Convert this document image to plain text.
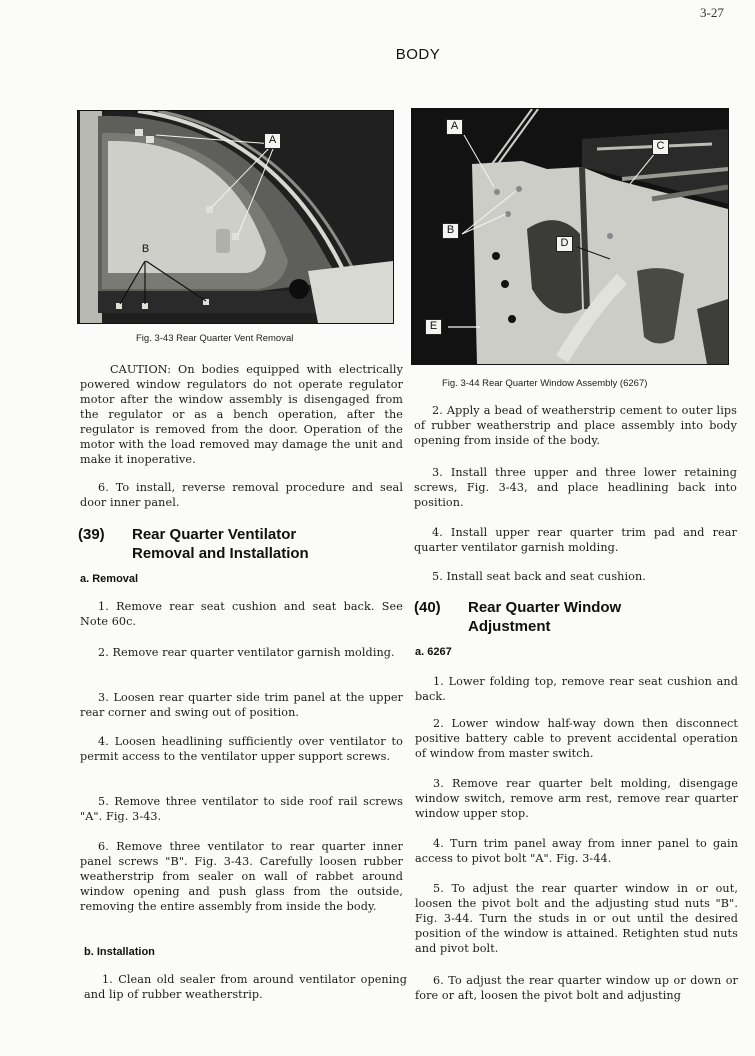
3-27
BODY
A
B
Fig. 3-43 Rear Quarter Vent Removal
A
B
C
D
E
Fig. 3-44 Rear Quarter Window Assembly (6267)

CAUTION: On bodies equipped with electrically powered window regulators do not operate regulator motor after the window assembly is disengaged from the regulator or as a bench operation, after the regulator is removed from the door. Operation of the motor with the load removed may damage the unit and make it inoperative.

6. To install, reverse removal procedure and seal door inner panel.

(39) Rear Quarter Ventilator
Removal and Installation
a. Removal

1. Remove rear seat cushion and seat back. See Note 60c.

2. Remove rear quarter ventilator garnish molding.

3. Loosen rear quarter side trim panel at the upper rear corner and swing out of position.

4. Loosen headlining sufficiently over ventilator to permit access to the ventilator upper support screws.

5. Remove three ventilator to side roof rail screws "A". Fig. 3-43.

6. Remove three ventilator to rear quarter inner panel screws "B". Fig. 3-43. Carefully loosen rubber weatherstrip from sealer on wall of rabbet around window opening and push glass from the outside, removing the entire assembly from inside the body.

b. Installation

1. Clean old sealer from around ventilator opening and lip of rubber weatherstrip.

2. Apply a bead of weatherstrip cement to outer lips of rubber weatherstrip and place assembly into body opening from inside of the body.

3. Install three upper and three lower retaining screws, Fig. 3-43, and place headlining back into position.

4. Install upper rear quarter trim pad and rear quarter ventilator garnish molding.

5. Install seat back and seat cushion.

(40) Rear Quarter Window
Adjustment
a. 6267

1. Lower folding top, remove rear seat cushion and back.

2. Lower window half-way down then disconnect positive battery cable to prevent accidental operation of window from master switch.

3. Remove rear quarter belt molding, disengage window switch, remove arm rest, remove rear quarter window upper stop.

4. Turn trim panel away from inner panel to gain access to pivot bolt "A". Fig. 3-44.

5. To adjust the rear quarter window in or out, loosen the pivot bolt and the adjusting stud nuts "B". Fig. 3-44. Turn the studs in or out until the desired position of the window is attained. Retighten stud nuts and pivot bolt.

6. To adjust the rear quarter window up or down or fore or aft, loosen the pivot bolt and adjusting
